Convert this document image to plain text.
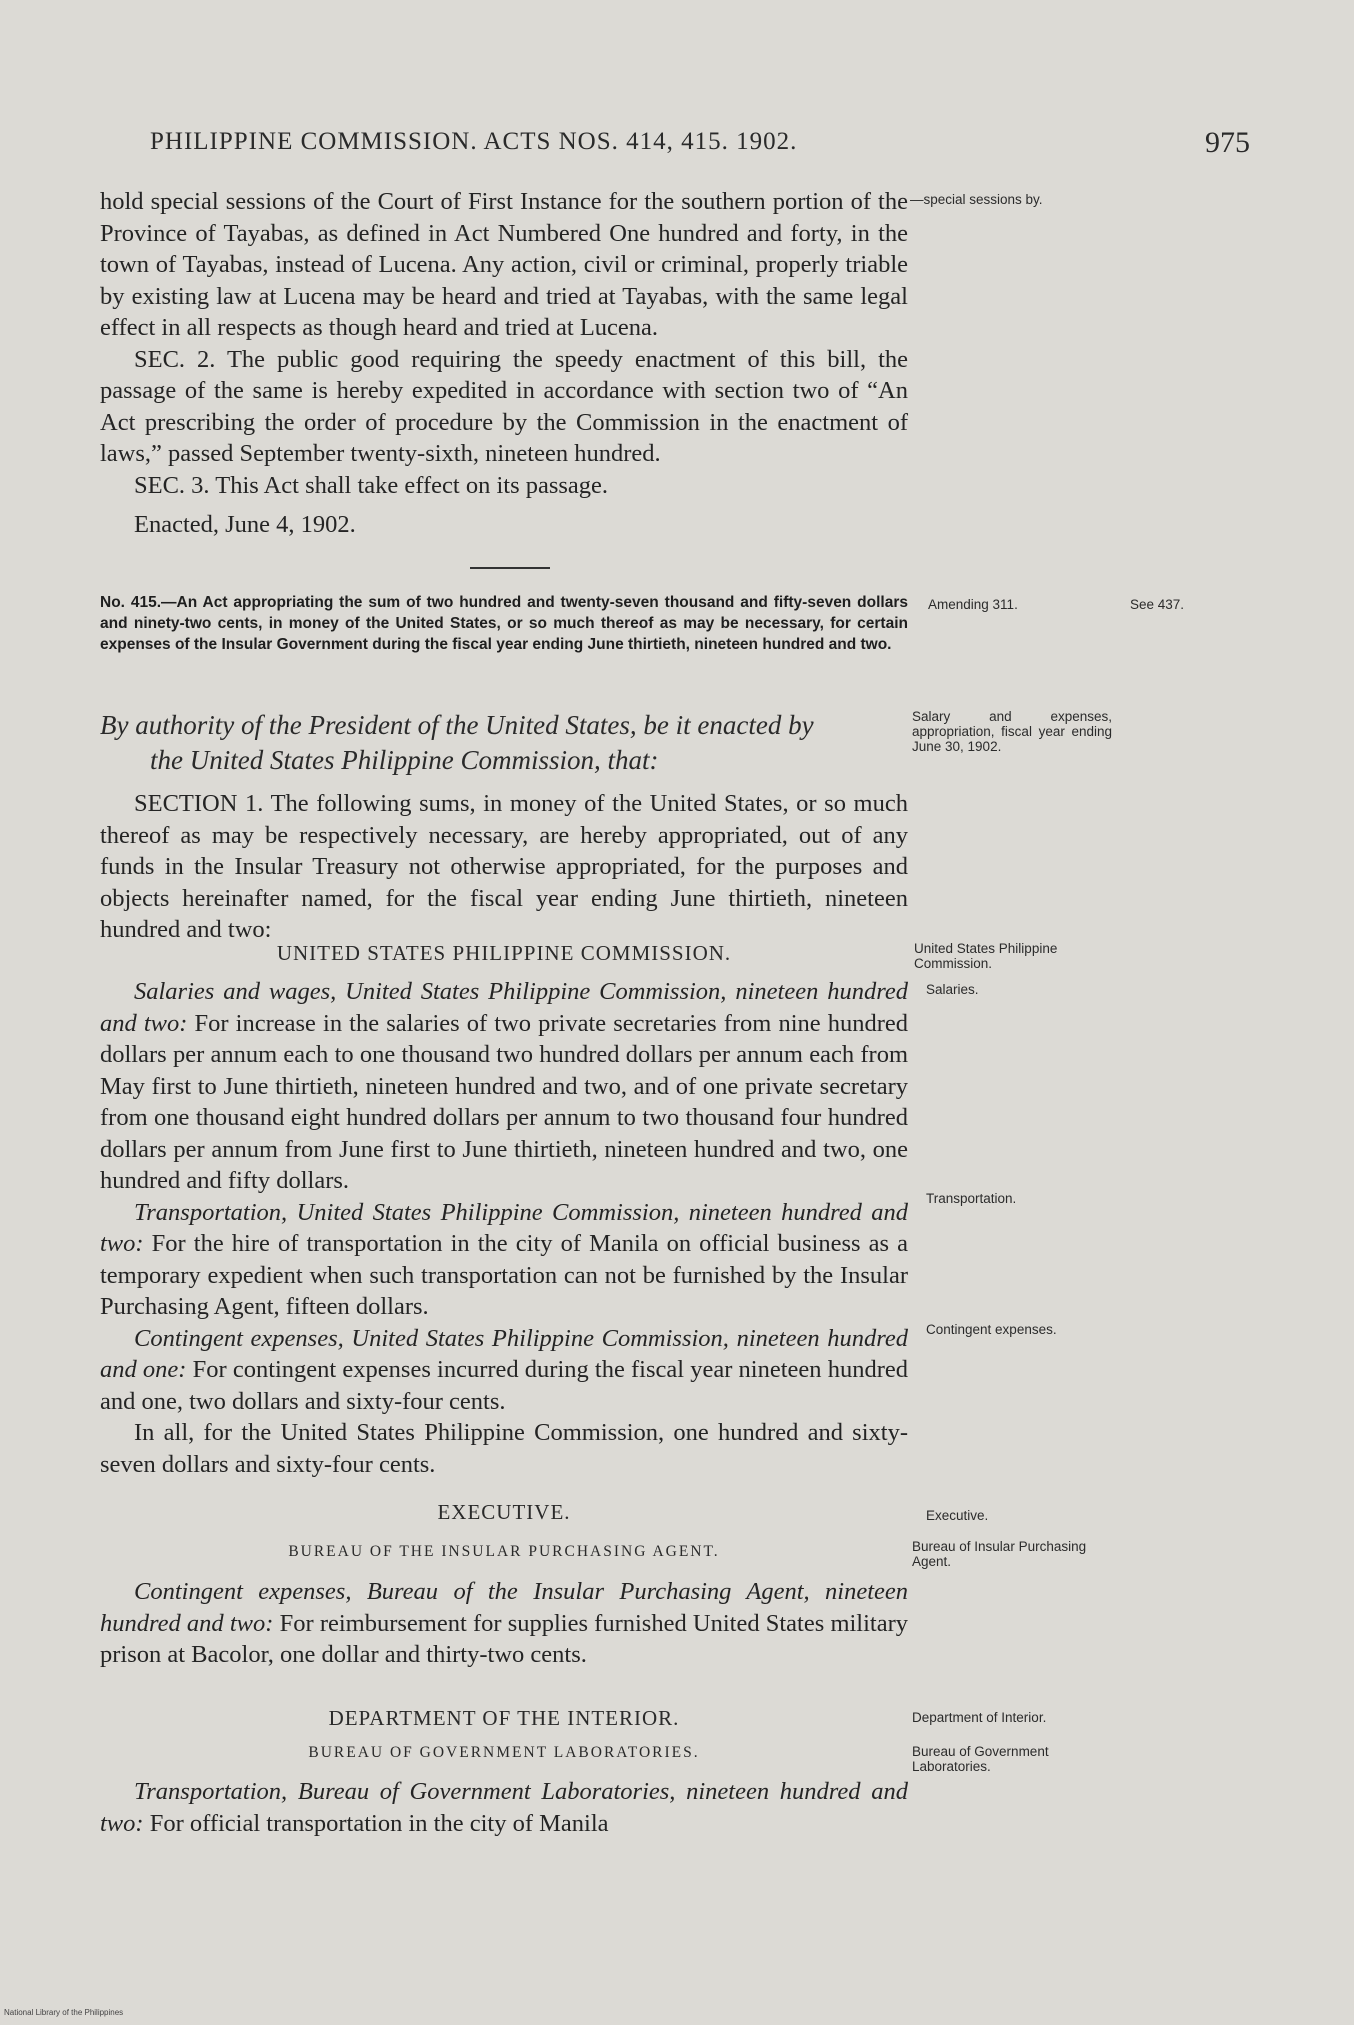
PHILIPPINE COMMISSION. ACTS NOS. 414, 415. 1902.	975

hold special sessions of the Court of First Instance for the southern portion of the Province of Tayabas, as defined in Act Numbered One hundred and forty, in the town of Tayabas, instead of Lucena. Any action, civil or criminal, properly triable by existing law at Lucena may be heard and tried at Tayabas, with the same legal effect in all respects as though heard and tried at Lucena.

SEC. 2. The public good requiring the speedy enactment of this bill, the passage of the same is hereby expedited in accordance with section two of “An Act prescribing the order of procedure by the Commission in the enactment of laws,” passed September twenty-sixth, nineteen hundred.

SEC. 3. This Act shall take effect on its passage.

Enacted, June 4, 1902.

No. 415.—An Act appropriating the sum of two hundred and twenty-seven thousand and fifty-seven dollars and ninety-two cents, in money of the United States, or so much thereof as may be necessary, for certain expenses of the Insular Government during the fiscal year ending June thirtieth, nineteen hundred and two.
By authority of the President of the United States, be it enacted by
the United States Philippine Commission, that:

SECTION 1. The following sums, in money of the United States, or so much thereof as may be respectively necessary, are hereby appropriated, out of any funds in the Insular Treasury not otherwise appropriated, for the purposes and objects hereinafter named, for the fiscal year ending June thirtieth, nineteen hundred and two:

UNITED STATES PHILIPPINE COMMISSION.

Salaries and wages, United States Philippine Commission, nineteen hundred and two: For increase in the salaries of two private secretaries from nine hundred dollars per annum each to one thousand two hundred dollars per annum each from May first to June thirtieth, nineteen hundred and two, and of one private secretary from one thousand eight hundred dollars per annum to two thousand four hundred dollars per annum from June first to June thirtieth, nineteen hundred and two, one hundred and fifty dollars.

Transportation, United States Philippine Commission, nineteen hundred and two: For the hire of transportation in the city of Manila on official business as a temporary expedient when such transportation can not be furnished by the Insular Purchasing Agent, fifteen dollars.

Contingent expenses, United States Philippine Commission, nineteen hundred and one: For contingent expenses incurred during the fiscal year nineteen hundred and one, two dollars and sixty-four cents.

In all, for the United States Philippine Commission, one hundred and sixty-seven dollars and sixty-four cents.

EXECUTIVE.
BUREAU OF THE INSULAR PURCHASING AGENT.

Contingent expenses, Bureau of the Insular Purchasing Agent, nineteen hundred and two: For reimbursement for supplies furnished United States military prison at Bacolor, one dollar and thirty-two cents.

DEPARTMENT OF THE INTERIOR.
BUREAU OF GOVERNMENT LABORATORIES.

Transportation, Bureau of Government Laboratories, nineteen hundred and two: For official transportation in the city of Manila

—special sessions by.
Amending 311.	See 437.
Salary and expenses, appropriation, fiscal year ending June 30, 1902.
United States Philippine Commission.
Salaries.
Transportation.
Contingent expenses.
Executive.
Bureau of Insular Purchasing Agent.
Department of Interior.
Bureau of Government Laboratories.
National Library of the Philippines
